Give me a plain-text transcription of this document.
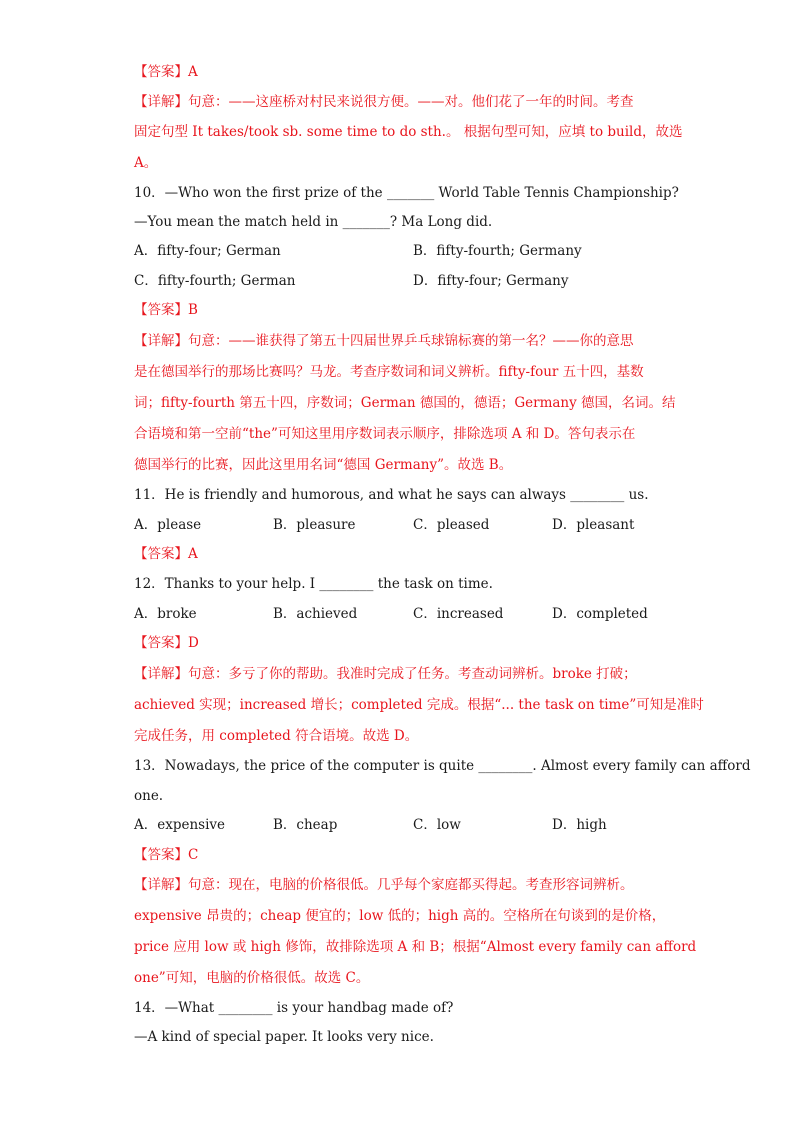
【答案】A
【详解】句意：——这座桥对村民来说很方便。——对。他们花了一年的时间。考查
固定句型 It takes/took sb. some time to do sth.。 根据句型可知，应填 to build，故选
A。
10．—Who won the first prize of the _______ World Table Tennis Championship?
—You mean the match held in _______? Ma Long did.
A．fifty-four; German	B．fifty-fourth; Germany
C．fifty-fourth; German	D．fifty-four; Germany
【答案】B
【详解】句意：——谁获得了第五十四届世界乒乓球锦标赛的第一名？——你的意思
是在德国举行的那场比赛吗？马龙。考查序数词和词义辨析。fifty-four 五十四，基数
词；fifty-fourth 第五十四，序数词；German 德国的，德语；Germany 德国，名词。结
合语境和第一空前“the”可知这里用序数词表示顺序，排除选项 A 和 D。答句表示在
德国举行的比赛，因此这里用名词“德国 Germany”。故选 B。
11．He is friendly and humorous, and what he says can always ________ us.
A．please	B．pleasure	C．pleased	D．pleasant
【答案】A
12．Thanks to your help. I ________ the task on time.
A．broke	B．achieved	C．increased	D．completed
【答案】D
【详解】句意：多亏了你的帮助。我准时完成了任务。考查动词辨析。broke 打破；
achieved 实现；increased 增长；completed 完成。根据“... the task on time”可知是准时
完成任务，用 completed 符合语境。故选 D。
13．Nowadays, the price of the computer is quite ________. Almost every family can afford
one.
A．expensive	B．cheap	C．low	D．high
【答案】C
【详解】句意：现在，电脑的价格很低。几乎每个家庭都买得起。考查形容词辨析。
expensive 昂贵的；cheap 便宜的；low 低的；high 高的。空格所在句谈到的是价格，
price 应用 low 或 high 修饰，故排除选项 A 和 B；根据“Almost every family can afford
one”可知，电脑的价格很低。故选 C。
14．—What ________ is your handbag made of?
—A kind of special paper. It looks very nice.
